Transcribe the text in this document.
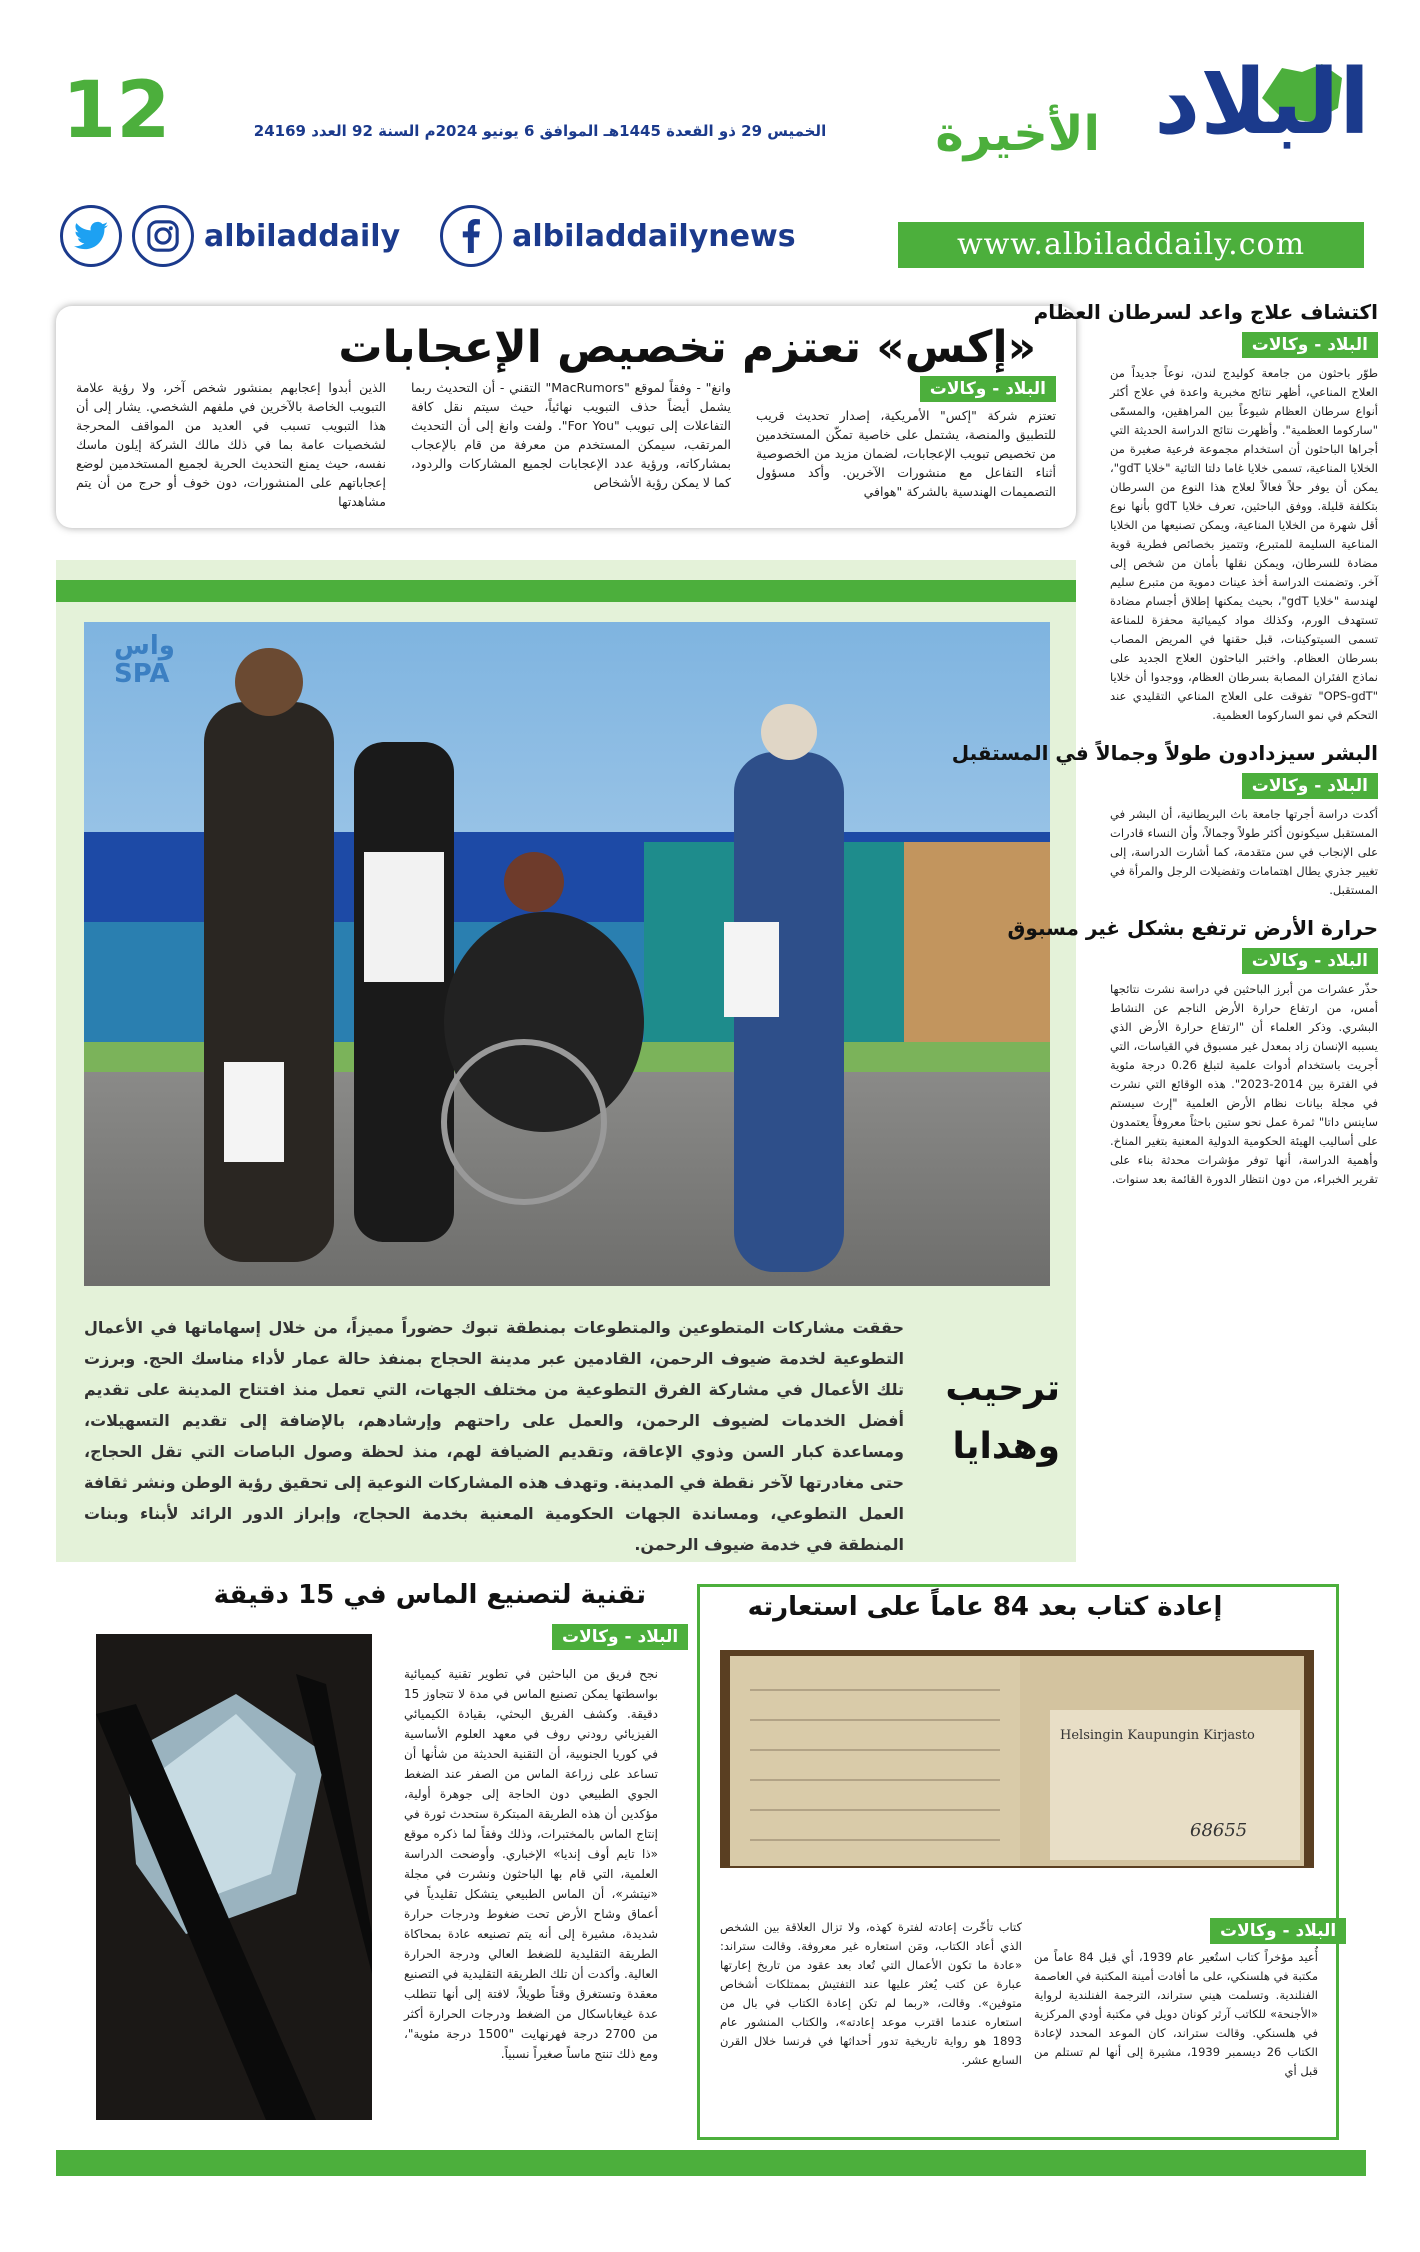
12	الخميس 29 ذو القعدة 1445هـ الموافق 6 يونيو 2024م السنة 92 العدد 24169	البلاد
الأخيرة
www.albiladdaily.com
albiladdaily	albiladdailynews
«إكس» تعتزم تخصيص الإعجابات
البلاد - وكالات
تعتزم شركة "إكس" الأمريكية، إصدار تحديث قريب للتطبيق والمنصة، يشتمل على خاصية تمكّن المستخدمين من تخصيص تبويب الإعجابات، لضمان مزيد من الخصوصية أثناء التفاعل مع منشورات الآخرين. وأكد مسؤول التصميمات الهندسية بالشركة "هوافي
وانغ" - وفقاً لموقع "MacRumors" التقني - أن التحديث ربما يشمل أيضاً حذف التبويب نهائياً، حيث سيتم نقل كافة التفاعلات إلى تبويب "For You". ولفت وانغ إلى أن التحديث المرتقب، سيمكن المستخدم من معرفة من قام بالإعجاب بمشاركاته، ورؤية عدد الإعجابات لجميع المشاركات والردود، كما لا يمكن رؤية الأشخاص
الذين أبدوا إعجابهم بمنشور شخص آخر، ولا رؤية علامة التبويب الخاصة بالآخرين في ملفهم الشخصي. يشار إلى أن هذا التبويب تسبب في العديد من المواقف المحرجة لشخصيات عامة بما في ذلك مالك الشركة إيلون ماسك نفسه، حيث يمنع التحديث الحرية لجميع المستخدمين لوضع إعجاباتهم على المنشورات، دون خوف أو حرج من أن يتم مشاهدتها
واس SPA
ترحيب
وهدايا
حققت مشاركات المتطوعين والمتطوعات بمنطقة تبوك حضوراً مميزاً، من خلال إسهاماتها في الأعمال التطوعية لخدمة ضيوف الرحمن، القادمين عبر مدينة الحجاج بمنفذ حالة عمار لأداء مناسك الحج. وبرزت تلك الأعمال في مشاركة الفرق التطوعية من مختلف الجهات، التي تعمل منذ افتتاح المدينة على تقديم أفضل الخدمات لضيوف الرحمن، والعمل على راحتهم وإرشادهم، بالإضافة إلى تقديم التسهيلات، ومساعدة كبار السن وذوي الإعاقة، وتقديم الضيافة لهم، منذ لحظة وصول الباصات التي تقل الحجاج، حتى مغادرتها لآخر نقطة في المدينة. وتهدف هذه المشاركات النوعية إلى تحقيق رؤية الوطن ونشر ثقافة العمل التطوعي، ومساندة الجهات الحكومية المعنية بخدمة الحجاج، وإبراز الدور الرائد لأبناء وبنات المنطقة في خدمة ضيوف الرحمن.
اكتشاف علاج واعد لسرطان العظام
البلاد - وكالات
طوّر باحثون من جامعة كوليدج لندن، نوعاً جديداً من العلاج المناعي، أظهر نتائج مخبرية واعدة في علاج أكثر أنواع سرطان العظام شيوعاً بين المراهقين، والمسمّى "ساركوما العظمية". وأظهرت نتائج الدراسة الحديثة التي أجراها الباحثون أن استخدام مجموعة فرعية صغيرة من الخلايا المناعية، تسمى خلايا غاما دلتا التائية "خلايا gdT"، يمكن أن يوفر حلاً فعالاً لعلاج هذا النوع من السرطان بتكلفة قليلة. ووفق الباحثين، تعرف خلايا gdT بأنها نوع أقل شهرة من الخلايا المناعية، ويمكن تصنيعها من الخلايا المناعية السليمة للمتبرع، وتتميز بخصائص فطرية قوية مضادة للسرطان، ويمكن نقلها بأمان من شخص إلى آخر. وتضمنت الدراسة أخذ عينات دموية من متبرع سليم لهندسة "خلايا gdT"، بحيث يمكنها إطلاق أجسام مضادة تستهدف الورم، وكذلك مواد كيميائية محفزة للمناعة تسمى السيتوكينات، قبل حقنها في المريض المصاب بسرطان العظام. واختبر الباحثون العلاج الجديد على نماذج الفئران المصابة بسرطان العظام، ووجدوا أن خلايا "OPS-gdT" تفوقت على العلاج المناعي التقليدي عند التحكم في نمو الساركوما العظمية.
البشر سيزدادون طولاً وجمالاً في المستقبل
البلاد - وكالات
أكدت دراسة أجرتها جامعة باث البريطانية، أن البشر في المستقبل سيكونون أكثر طولاً وجمالاً، وأن النساء قادرات على الإنجاب في سن متقدمة، كما أشارت الدراسة، إلى تغيير جذري يطال اهتمامات وتفضيلات الرجل والمرأة في المستقبل.
حرارة الأرض ترتفع بشكل غير مسبوق
البلاد - وكالات
حذّر عشرات من أبرز الباحثين في دراسة نشرت نتائجها أمس، من ارتفاع حرارة الأرض الناجم عن النشاط البشري. وذكر العلماء أن "ارتفاع حرارة الأرض الذي يسببه الإنسان زاد بمعدل غير مسبوق في القياسات، التي أجريت باستخدام أدوات علمية لتبلغ 0.26 درجة مئوية في الفترة بين 2014-2023". هذه الوقائع التي نشرت في مجلة بيانات نظام الأرض العلمية "إرث سيستم ساينس داتا" ثمرة عمل نحو ستين باحثاً معروفاً يعتمدون على أساليب الهيئة الحكومية الدولية المعنية بتغير المناخ. وأهمية الدراسة، أنها توفر مؤشرات محدثة بناء على تقرير الخبراء، من دون انتظار الدورة القائمة بعد سنوات.
تقنية لتصنيع الماس في 15 دقيقة
البلاد - وكالات
نجح فريق من الباحثين في تطوير تقنية كيميائية بواسطتها يمكن تصنيع الماس في مدة لا تتجاوز 15 دقيقة. وكشف الفريق البحثي، بقيادة الكيميائي الفيزيائي رودني روف في معهد العلوم الأساسية في كوريا الجنوبية، أن التقنية الحديثة من شأنها أن تساعد على زراعة الماس من الصفر عند الضغط الجوي الطبيعي دون الحاجة إلى جوهرة أولية، مؤكدين أن هذه الطريقة المبتكرة ستحدث ثورة في إنتاج الماس بالمختبرات، وذلك وفقاً لما ذكره موقع «ذا تايم أوف إنديا» الإخباري. وأوضحت الدراسة العلمية، التي قام بها الباحثون ونشرت في مجلة «نيتشر»، أن الماس الطبيعي يتشكل تقليدياً في أعماق وشاح الأرض تحت ضغوط ودرجات حرارة شديدة، مشيرة إلى أنه يتم تصنيعه عادة بمحاكاة الطريقة التقليدية للضغط العالي ودرجة الحرارة العالية. وأكدت أن تلك الطريقة التقليدية في التصنيع معقدة وتستغرق وقتاً طويلاً، لافتة إلى أنها تتطلب عدة غيغاباسكال من الضغط ودرجات الحرارة أكثر من 2700 درجة فهرنهايت "1500 درجة مئوية"، ومع ذلك تنتج ماساً صغيراً نسبياً.
إعادة كتاب بعد 84 عاماً على استعارته
Helsingin Kaupungin Kirjasto
68655
البلاد - وكالات
أُعيد مؤخراً كتاب استُعير عام 1939، أي قبل 84 عاماً من مكتبة في هلسنكي، على ما أفادت أمينة المكتبة في العاصمة الفنلندية. وتسلمت هيني ستراند، الترجمة الفنلندية لرواية «الأجنحة» للكاتب آرثر كونان دويل في مكتبة أودي المركزية في هلسنكي. وقالت ستراند، كان الموعد المحدد لإعادة الكتاب 26 ديسمبر 1939، مشيرة إلى أنها لم تستلم من قبل أي
كتاب تأخّرت إعادته لفترة كهذه، ولا تزال العلاقة بين الشخص الذي أعاد الكتاب، ومَن استعاره غير معروفة. وقالت ستراند: «عادة ما تكون الأعمال التي تُعاد بعد عقود من تاريخ إعارتها عبارة عن كتب يُعثر عليها عند التفتيش بممتلكات أشخاص متوفين». وقالت، «ربما لم تكن إعادة الكتاب في بال من استعاره عندما اقترب موعد إعادته»، والكتاب المنشور عام 1893 هو رواية تاريخية تدور أحداثها في فرنسا خلال القرن السابع عشر.
